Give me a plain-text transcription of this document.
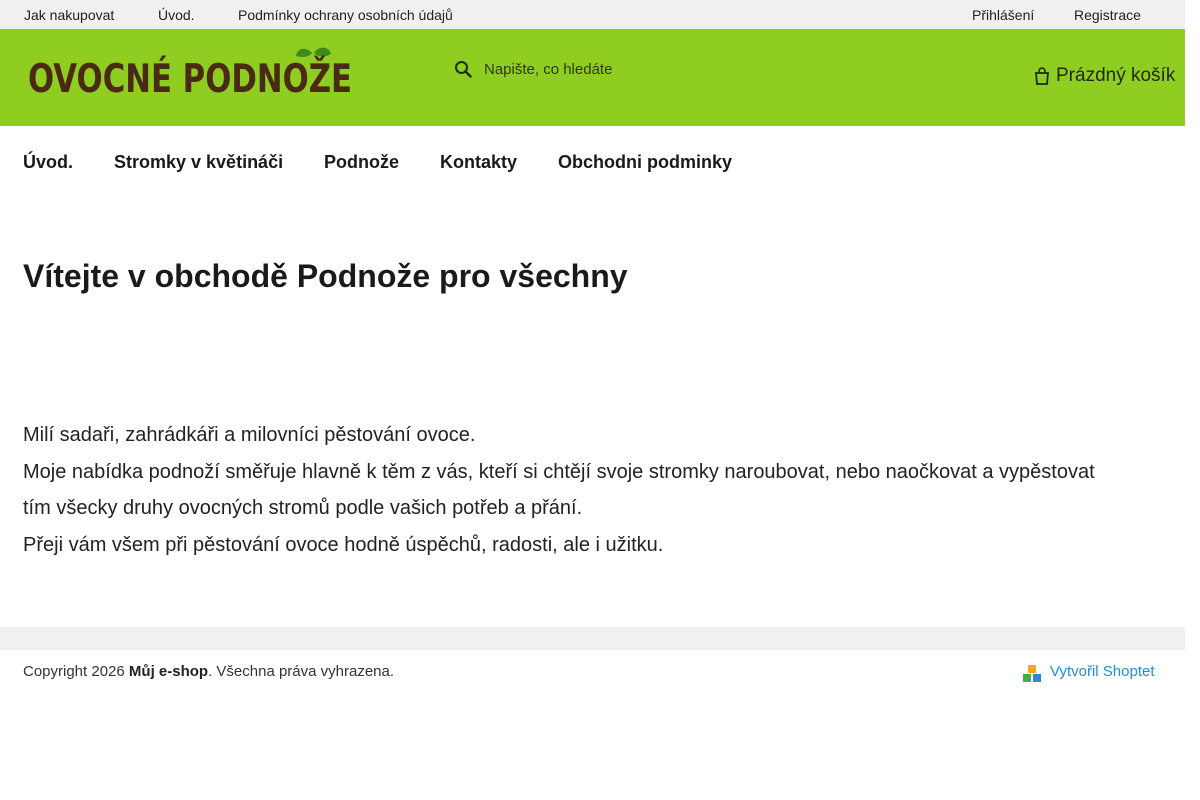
Jak nakupovat	Úvod.	Podmínky ochrany osobních údajů	Přihlášení	Registrace
OVOCNÉ PODNOŽE
Napište, co hledáte	Prázdný košík
Úvod. Stromky v květináči Podnože Kontakty Obchodni podminky
Vítejte v obchodě Podnože pro všechny

Milí sadaři, zahrádkáři a milovníci pěstování ovoce.

Moje nabídka podnoží směřuje hlavně k těm z vás, kteří si chtějí svoje stromky naroubovat, nebo naočkovat a vypěstovat tím všecky druhy ovocných stromů podle vašich potřeb a přání.

Přeji vám všem při pěstování ovoce hodně úspěchů, radosti, ale i užitku.

Copyright 2026 Můj e-shop. Všechna práva vyhrazena.	Vytvořil Shoptet
